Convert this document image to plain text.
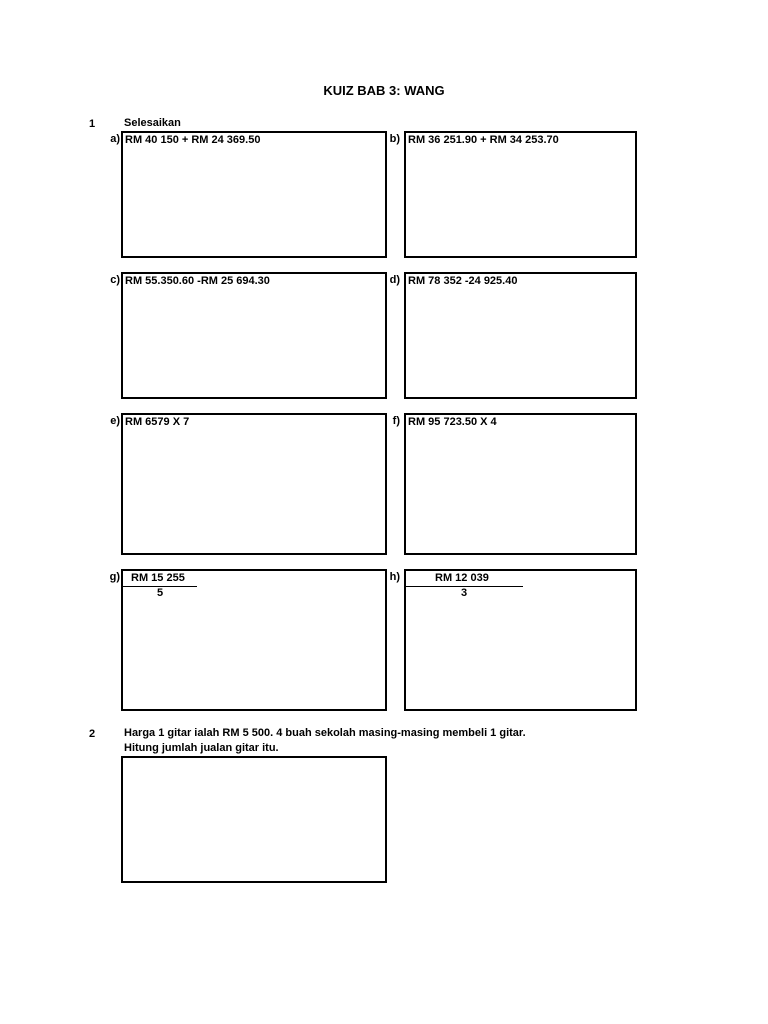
KUIZ BAB 3: WANG
1	Selesaikan
a) RM 40 150 + RM 24 369.50	b) RM 36 251.90 + RM 34 253.70
c) RM 55.350.60 -RM 25 694.30	d) RM 78 352 -24 925.40
e) RM 6579 X 7	f) RM 95 723.50 X 4
g) RM 15 255
5
h)	RM 12 039
3
2	Harga 1 gitar ialah RM 5 500. 4 buah sekolah masing-masing membeli 1 gitar.
Hitung jumlah jualan gitar itu.
